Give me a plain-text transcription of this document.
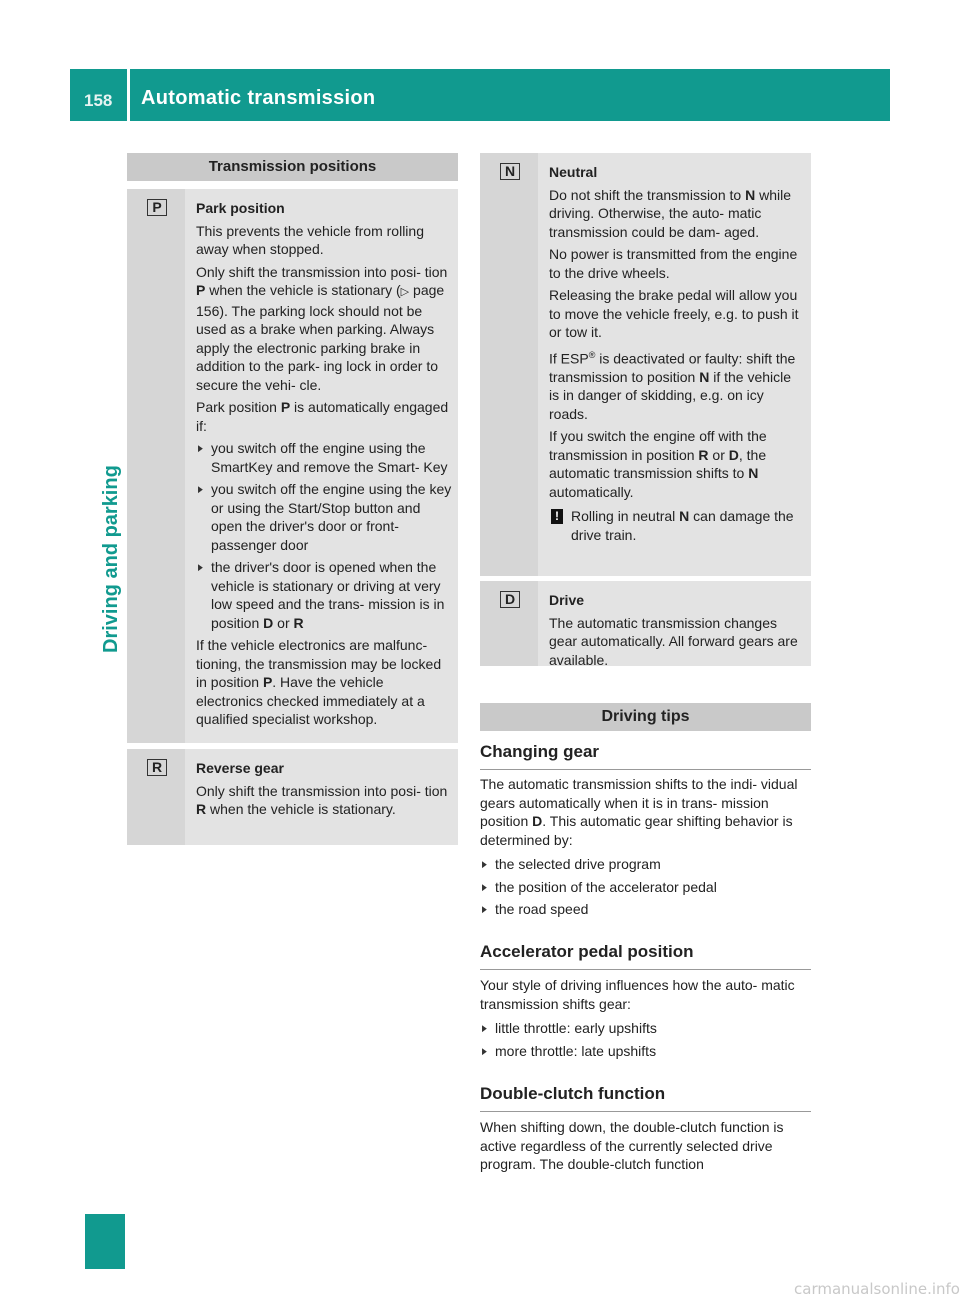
158 Automatic transmission
Driving and parking
Transmission positions
P	Park position

This prevents the vehicle from rolling away when stopped.

Only shift the transmission into posi- tion P when the vehicle is stationary (▷ page 156). The parking lock should not be used as a brake when parking. Always apply the electronic parking brake in addition to the park- ing lock in order to secure the vehi- cle.

Park position P is automatically engaged if:

▶ you switch off the engine using the SmartKey and remove the Smart- Key
▶ you switch off the engine using the key or using the Start/Stop button and open the driver's door or front- passenger door
▶ the driver's door is opened when the vehicle is stationary or driving at very low speed and the trans- mission is in position D or R

If the vehicle electronics are malfunc- tioning, the transmission may be locked in position P. Have the vehicle electronics checked immediately at a qualified specialist workshop.

R	Reverse gear

Only shift the transmission into posi- tion R when the vehicle is stationary.

N	Neutral

Do not shift the transmission to N while driving. Otherwise, the auto- matic transmission could be dam- aged.

No power is transmitted from the engine to the drive wheels.

Releasing the brake pedal will allow you to move the vehicle freely, e.g. to push it or tow it.

If ESP® is deactivated or faulty: shift the transmission to position N if the vehicle is in danger of skidding, e.g. on icy roads.

If you switch the engine off with the transmission in position R or D, the automatic transmission shifts to N automatically.

! Rolling in neutral N can damage the drive train.
D	Drive

The automatic transmission changes gear automatically. All forward gears are available.

Driving tips
Changing gear

The automatic transmission shifts to the indi- vidual gears automatically when it is in trans- mission position D. This automatic gear shifting behavior is determined by:

▶ the selected drive program
▶ the position of the accelerator pedal
▶ the road speed
Accelerator pedal position

Your style of driving influences how the auto- matic transmission shifts gear:

▶ little throttle: early upshifts
▶ more throttle: late upshifts
Double-clutch function

When shifting down, the double-clutch function is active regardless of the currently selected drive program. The double-clutch function

carmanualsonline.info
